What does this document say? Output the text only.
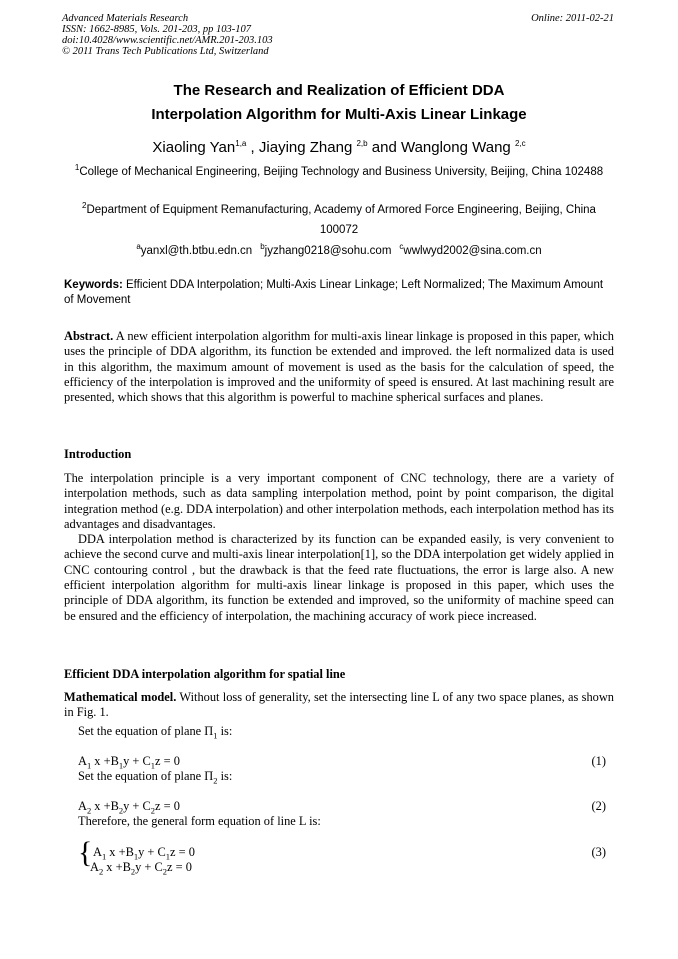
Advanced Materials Research
ISSN: 1662-8985, Vols. 201-203, pp 103-107
doi:10.4028/www.scientific.net/AMR.201-203.103
© 2011 Trans Tech Publications Ltd, Switzerland
Online: 2011-02-21
The Research and Realization of Efficient DDA
Interpolation Algorithm for Multi-Axis Linear Linkage
Xiaoling Yan$^{1,a}$ , Jiaying Zhang $^{2,b}$ and Wanglong Wang $^{2,c}$
$^1$College of Mechanical Engineering, Beijing Technology and Business University, Beijing, China 102488
$^2$Department of Equipment Remanufacturing, Academy of Armored Force Engineering, Beijing, China 100072
$^a$yanxl@th.btbu.edn.cn $^b$jyzhang0218@sohu.com $^c$wwlwyd2002@sina.com.cn
Keywords: Efficient DDA Interpolation; Multi-Axis Linear Linkage; Left Normalized; The Maximum Amount of Movement

Abstract. A new efficient interpolation algorithm for multi-axis linear linkage is proposed in this paper, which uses the principle of DDA algorithm, its function be extended and improved. the left normalized data is used in this algorithm, the maximum amount of movement is used as the basis for the calculation of speed, the efficiency of the interpolation is improved and the uniformity of speed is ensured. At last machining result are presented, which shows that this algorithm is powerful to machine spherical surfaces and planes.

Introduction

The interpolation principle is a very important component of CNC technology, there are a variety of interpolation methods, such as data sampling interpolation method, point by point comparison, the digital integration method (e.g. DDA interpolation) and other interpolation methods, each interpolation method has its advantages and disadvantages.

DDA interpolation method is characterized by its function can be expanded easily, is very convenient to achieve the second curve and multi-axis linear interpolation[1], so the DDA interpolation get widely applied in CNC contouring control , but the drawback is that the feed rate fluctuations, the error is large also. A new efficient interpolation algorithm for multi-axis linear linkage is proposed in this paper, which uses the principle of DDA algorithm, its function be extended and improved, so the uniformity of machine speed can be ensured and the efficiency of interpolation, the machining accuracy of work piece increased.

Efficient DDA interpolation algorithm for spatial line

Mathematical model. Without loss of generality, set the intersecting line L of any two space planes, as shown in Fig. 1.

Set the equation of plane $\Pi_1$ is:
$A_1$ $x +B_1y + C_1z = 0$	(1)
Set the equation of plane $\Pi_2$ is:
$A_2$ $x +B_2y + C_2z = 0$	(2)
Therefore, the general form equation of line L is:
{ $A_1$ $x +B_1y + C_1z = 0$
$A_2$ $x +B_2y + C_2z = 0$
(3)
